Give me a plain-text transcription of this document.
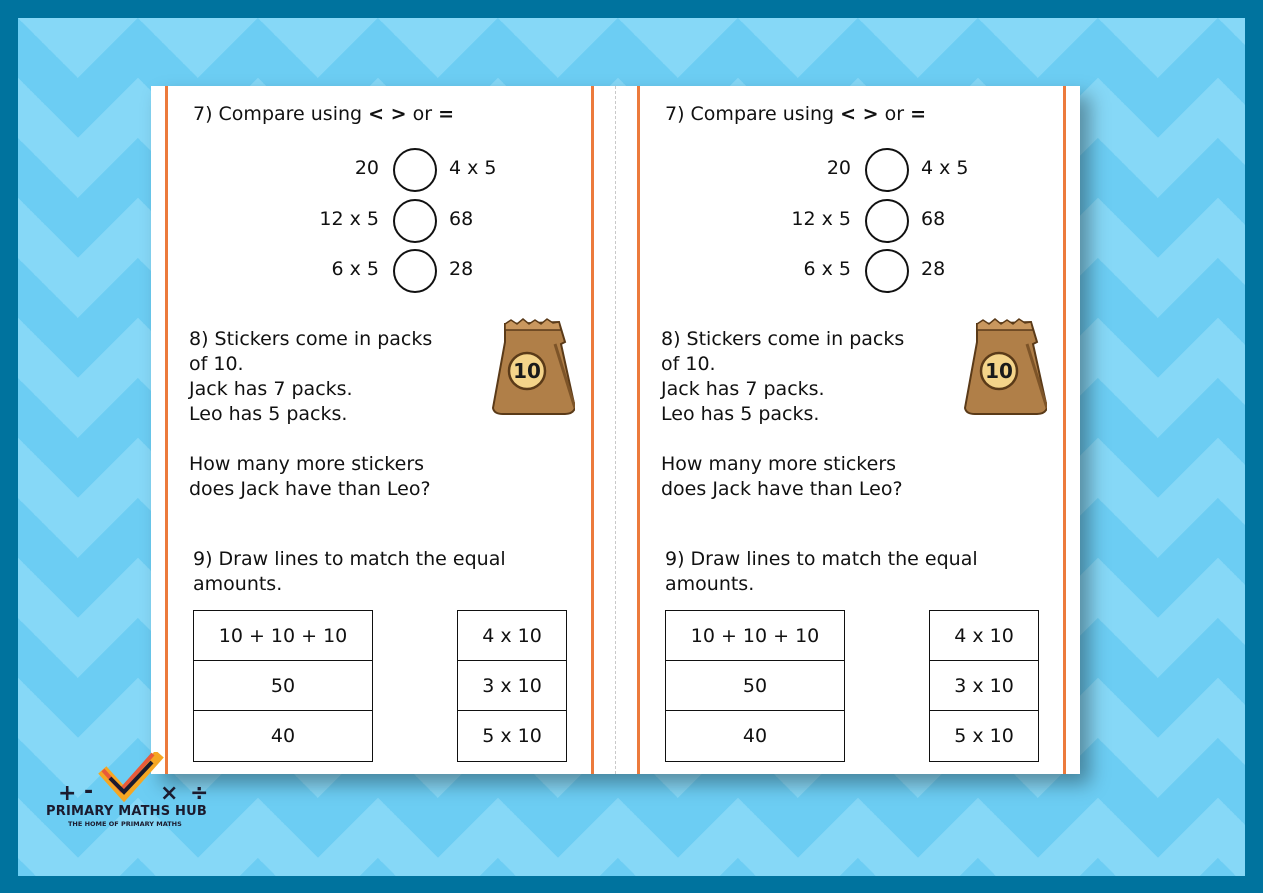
7) Compare using < > or =
20	4 x 5
12 x 5	68
6 x 5	28
8) Stickers come in packs
of 10.
Jack has 7 packs.
Leo has 5 packs.

How many more stickers
does Jack have than Leo?
10
9) Draw lines to match the equal
amounts.
10 + 10 + 10
50
40
4 x 10
3 x 10
5 x 10
7) Compare using < > or =
20	4 x 5
12 x 5	68
6 x 5	28
8) Stickers come in packs
of 10.
Jack has 7 packs.
Leo has 5 packs.

How many more stickers
does Jack have than Leo?
10
9) Draw lines to match the equal
amounts.
10 + 10 + 10
50
40
4 x 10
3 x 10
5 x 10
+ -	× ÷
PRIMARY MATHS HUB
THE HOME OF PRIMARY MATHS
